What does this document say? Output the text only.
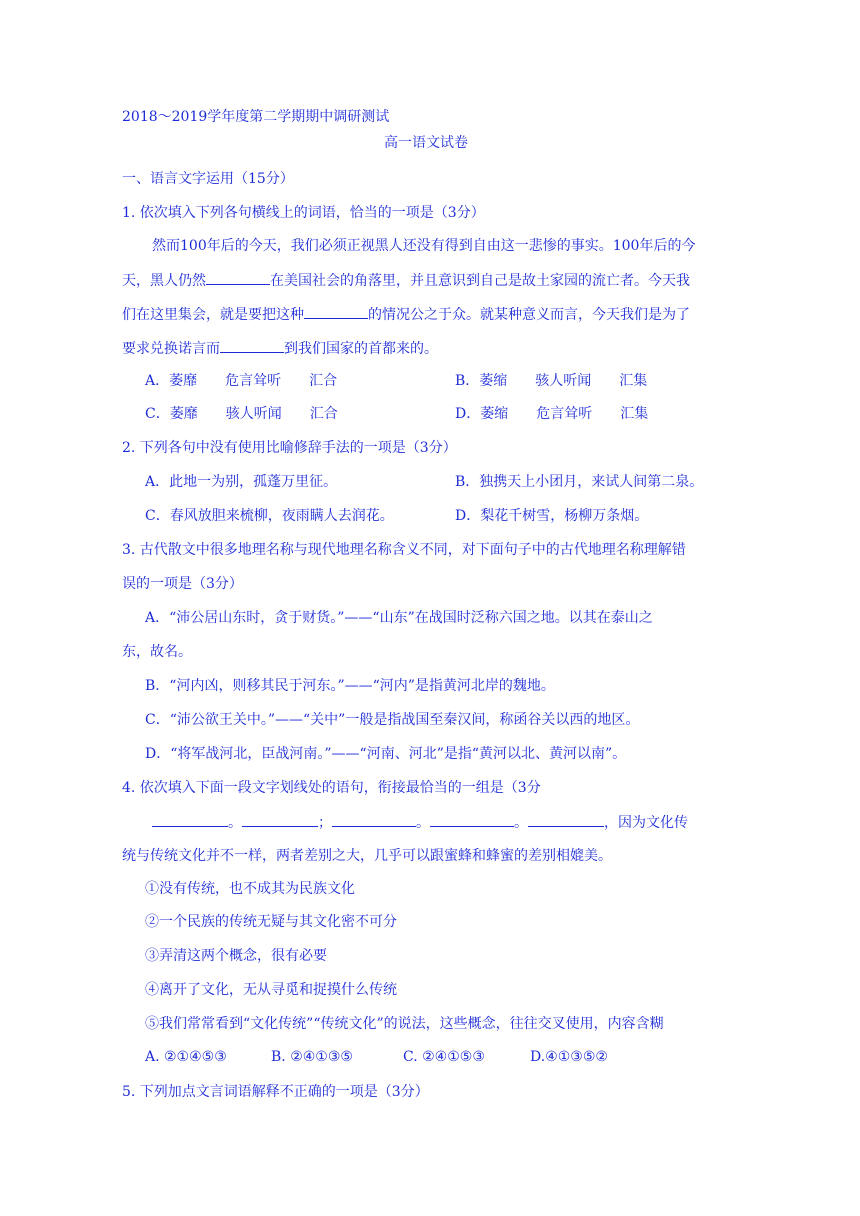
2018～2019学年度第二学期期中调研测试
高一语文试卷
一、语言文字运用（15分）
1. 依次填入下列各句横线上的词语，恰当的一项是（3分）
然而100年后的今天，我们必须正视黑人还没有得到自由这一悲惨的事实。100年后的今
天，黑人仍然	在美国社会的角落里，并且意识到自己是故土家园的流亡者。今天我
们在这里集会，就是要把这种	的情况公之于众。就某种意义而言，今天我们是为了
要求兑换诺言而	到我们国家的首都来的。
A．萎靡　　危言耸听　　汇合	B．萎缩　　骇人听闻　　汇集
C．萎靡　　骇人听闻　　汇合	D．萎缩　　危言耸听　　汇集
2. 下列各句中没有使用比喻修辞手法的一项是（3分）
A．此地一为别，孤蓬万里征。	B．独携天上小团月，来试人间第二泉。
C．春风放胆来梳柳，夜雨瞒人去润花。	D．梨花千树雪，杨柳万条烟。
3. 古代散文中很多地理名称与现代地理名称含义不同，对下面句子中的古代地理名称理解错
误的一项是（3分）
A．“沛公居山东时，贪于财货。”——“山东”在战国时泛称六国之地。以其在泰山之
东，故名。
B．“河内凶，则移其民于河东。”——“河内”是指黄河北岸的魏地。
C．“沛公欲王关中。”——“关中”一般是指战国至秦汉间，称函谷关以西的地区。
D．“将军战河北，臣战河南。”——“河南、河北”是指“黄河以北、黄河以南”。
4. 依次填入下面一段文字划线处的语句，衔接最恰当的一组是（3分
。	；	。	。	，因为文化传
统与传统文化并不一样，两者差别之大，几乎可以跟蜜蜂和蜂蜜的差别相媲美。
①没有传统，也不成其为民族文化
②一个民族的传统无疑与其文化密不可分
③弄清这两个概念，很有必要
④离开了文化，无从寻觅和捉摸什么传统
⑤我们常常看到“文化传统”“传统文化”的说法，这些概念，往往交叉使用，内容含糊
A. ②①④⑤③	B. ②④①③⑤	C. ②④①⑤③	D.④①③⑤②
5. 下列加点文言词语解释不正确的一项是（3分）
